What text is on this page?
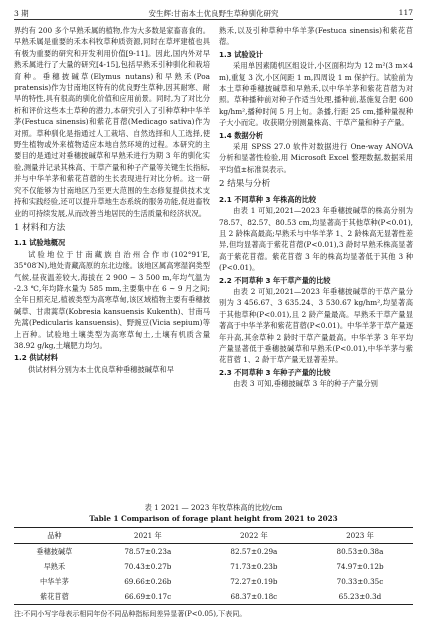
3 期	安生辉:甘南本土优良野生草种驯化研究	117

界约有 200 多个早熟禾属的植物,作为大多数是家畜喜食的。早熟禾属是重要的禾本科牧草种质资源,同时在草坪建植也具有极为重要的研究和开发利用价值[9-11]。因此,国内外对早熟禾属进行了大量的研究[4-15],包括早熟禾引种驯化和栽培育种。垂穗披碱草(Elymus nutans)和早熟禾(Poa pratensis)作为甘南地区特有的优良野生草种,因其耐寒、耐旱的特性,具有很高的驯化价值和应用前景。同时,为了对比分析和评价这些本土草种的潜力,本研究引入了引种草种中华羊茅(Festuca sinensis)和紫花苜蓿(Medicago sativa)作为对照。草种驯化是指通过人工栽培、自然选择和人工选择,使野生植物或外来植物适应本地自然环境的过程。本研究的主要目的是通过对垂穗披碱草和早熟禾进行为期 3 年的驯化实验,测量并记录其株高、干草产量和种子产量等关键生长指标,并与中华羊茅和紫花苜蓿的生长表现进行对比分析。这一研究不仅能够为甘南地区乃至更大范围的生态修复提供技术支持和实践经验,还可以提升草地生态系统的服务功能,促进畜牧业的可持续发展,从而改善当地居民的生活质量和经济状况。

1 材料和方法
1.1 试验地概况

试验地位于甘南藏族自治州合作市(102°91′E, 35°08′N),地处青藏高原的东北边缘。该地区属高寒湿润类型气候,昼夜温差较大,海拔在 2 900 ~ 3 500 m,年均气温为 -2.3 ℃,年均降水量为 585 mm,主要集中在 6 ~ 9 月之间;全年日照充足,植被类型为高寒草甸,该区域植物主要有垂穗披碱草、甘肃蒿草(Kobresia kansuensis Kukenth)、甘南马先蒿(Pedicularis kansuensis)、野豌豆(Vicia sepium)等上百种。试验地土壤类型为高寒草甸土,土壤有机质含量 38.92 g/kg,土壤肥力均匀。

1.2 供试材料

供试材料分别为本土优良草种垂穗披碱草和早

熟禾,以及引种草种中华羊茅(Festuca sinensis)和紫花苜蓿。

1.3 试验设计

采用单因素随机区组设计,小区面积均为 12 m²(3 m×4 m),重复 3 次,小区间距 1 m,四周设 1 m 保护行。试验前为本土草种垂穗披碱草和早熟禾,以中华羊茅和紫花苜蓿为对照。草种播种前对种子作适当处理,播种前,基施复合肥 600 kg/hm²,播种时间 5 月上旬。条播,行距 25 cm,播种量视种子大小而定。收获期分别测量株高、干草产量和种子产量。

1.4 数据分析

采用 SPSS 27.0 软件对数据进行 One-way ANOVA 分析和显著性检验,用 Microsoft Excel 整理数据,数据采用平均值±标准误表示。

2 结果与分析
2.1 不同草种 3 年株高的比较

由表 1 可知,2021—2023 年垂穗披碱草的株高分别为 78.57、82.57、80.53 cm,均显著高于其他草种(P<0.01),且 2 龄株高最高;早熟禾与中华羊茅 1、2 龄株高无显著性差异,但均显著高于紫花苜蓿(P<0.01),3 龄时早熟禾株高显著高于紫花苜蓿。紫花苜蓿 3 年的株高均显著低于其他 3 种(P<0.01)。

2.2 不同草种 3 年干草产量的比较

由表 2 可知,2021—2023 年垂穗披碱草的干草产量分别为 3 456.67、3 635.24、3 530.67 kg/hm²,均显著高于其他草种(P<0.01),且 2 龄产量最高。早熟禾干草产量显著高于中华羊茅和紫花苜蓿(P<0.01)。中华羊茅干草产量逐年升高,其余草种 2 龄时干草产量最高。中华羊茅 3 年平均产量显著低于垂穗披碱草和早熟禾(P<0.01),中华羊茅与紫花苜蓿 1、2 龄干草产量无显著差异。

2.3 不同草种 3 年种子产量的比较

由表 3 可知,垂穗披碱草 3 年的种子产量分别

表 1 2021 — 2023 年牧草株高的比较/cm
Table 1 Comparison of forage plant height from 2021 to 2023
品种	2021 年	2022 年	2023 年
垂穗披碱草	78.57±0.23a	82.57±0.29a	80.53±0.38a
早熟禾	70.43±0.27b	71.73±0.23b	74.97±0.12b
中华羊茅	69.66±0.26b	72.27±0.19b	70.33±0.35c
紫花苜蓿	66.69±0.17c	68.37±0.18c	65.23±0.3d
注:不同小写字母表示相同年份不同品种指标间差异显著(P<0.05),下表同。
